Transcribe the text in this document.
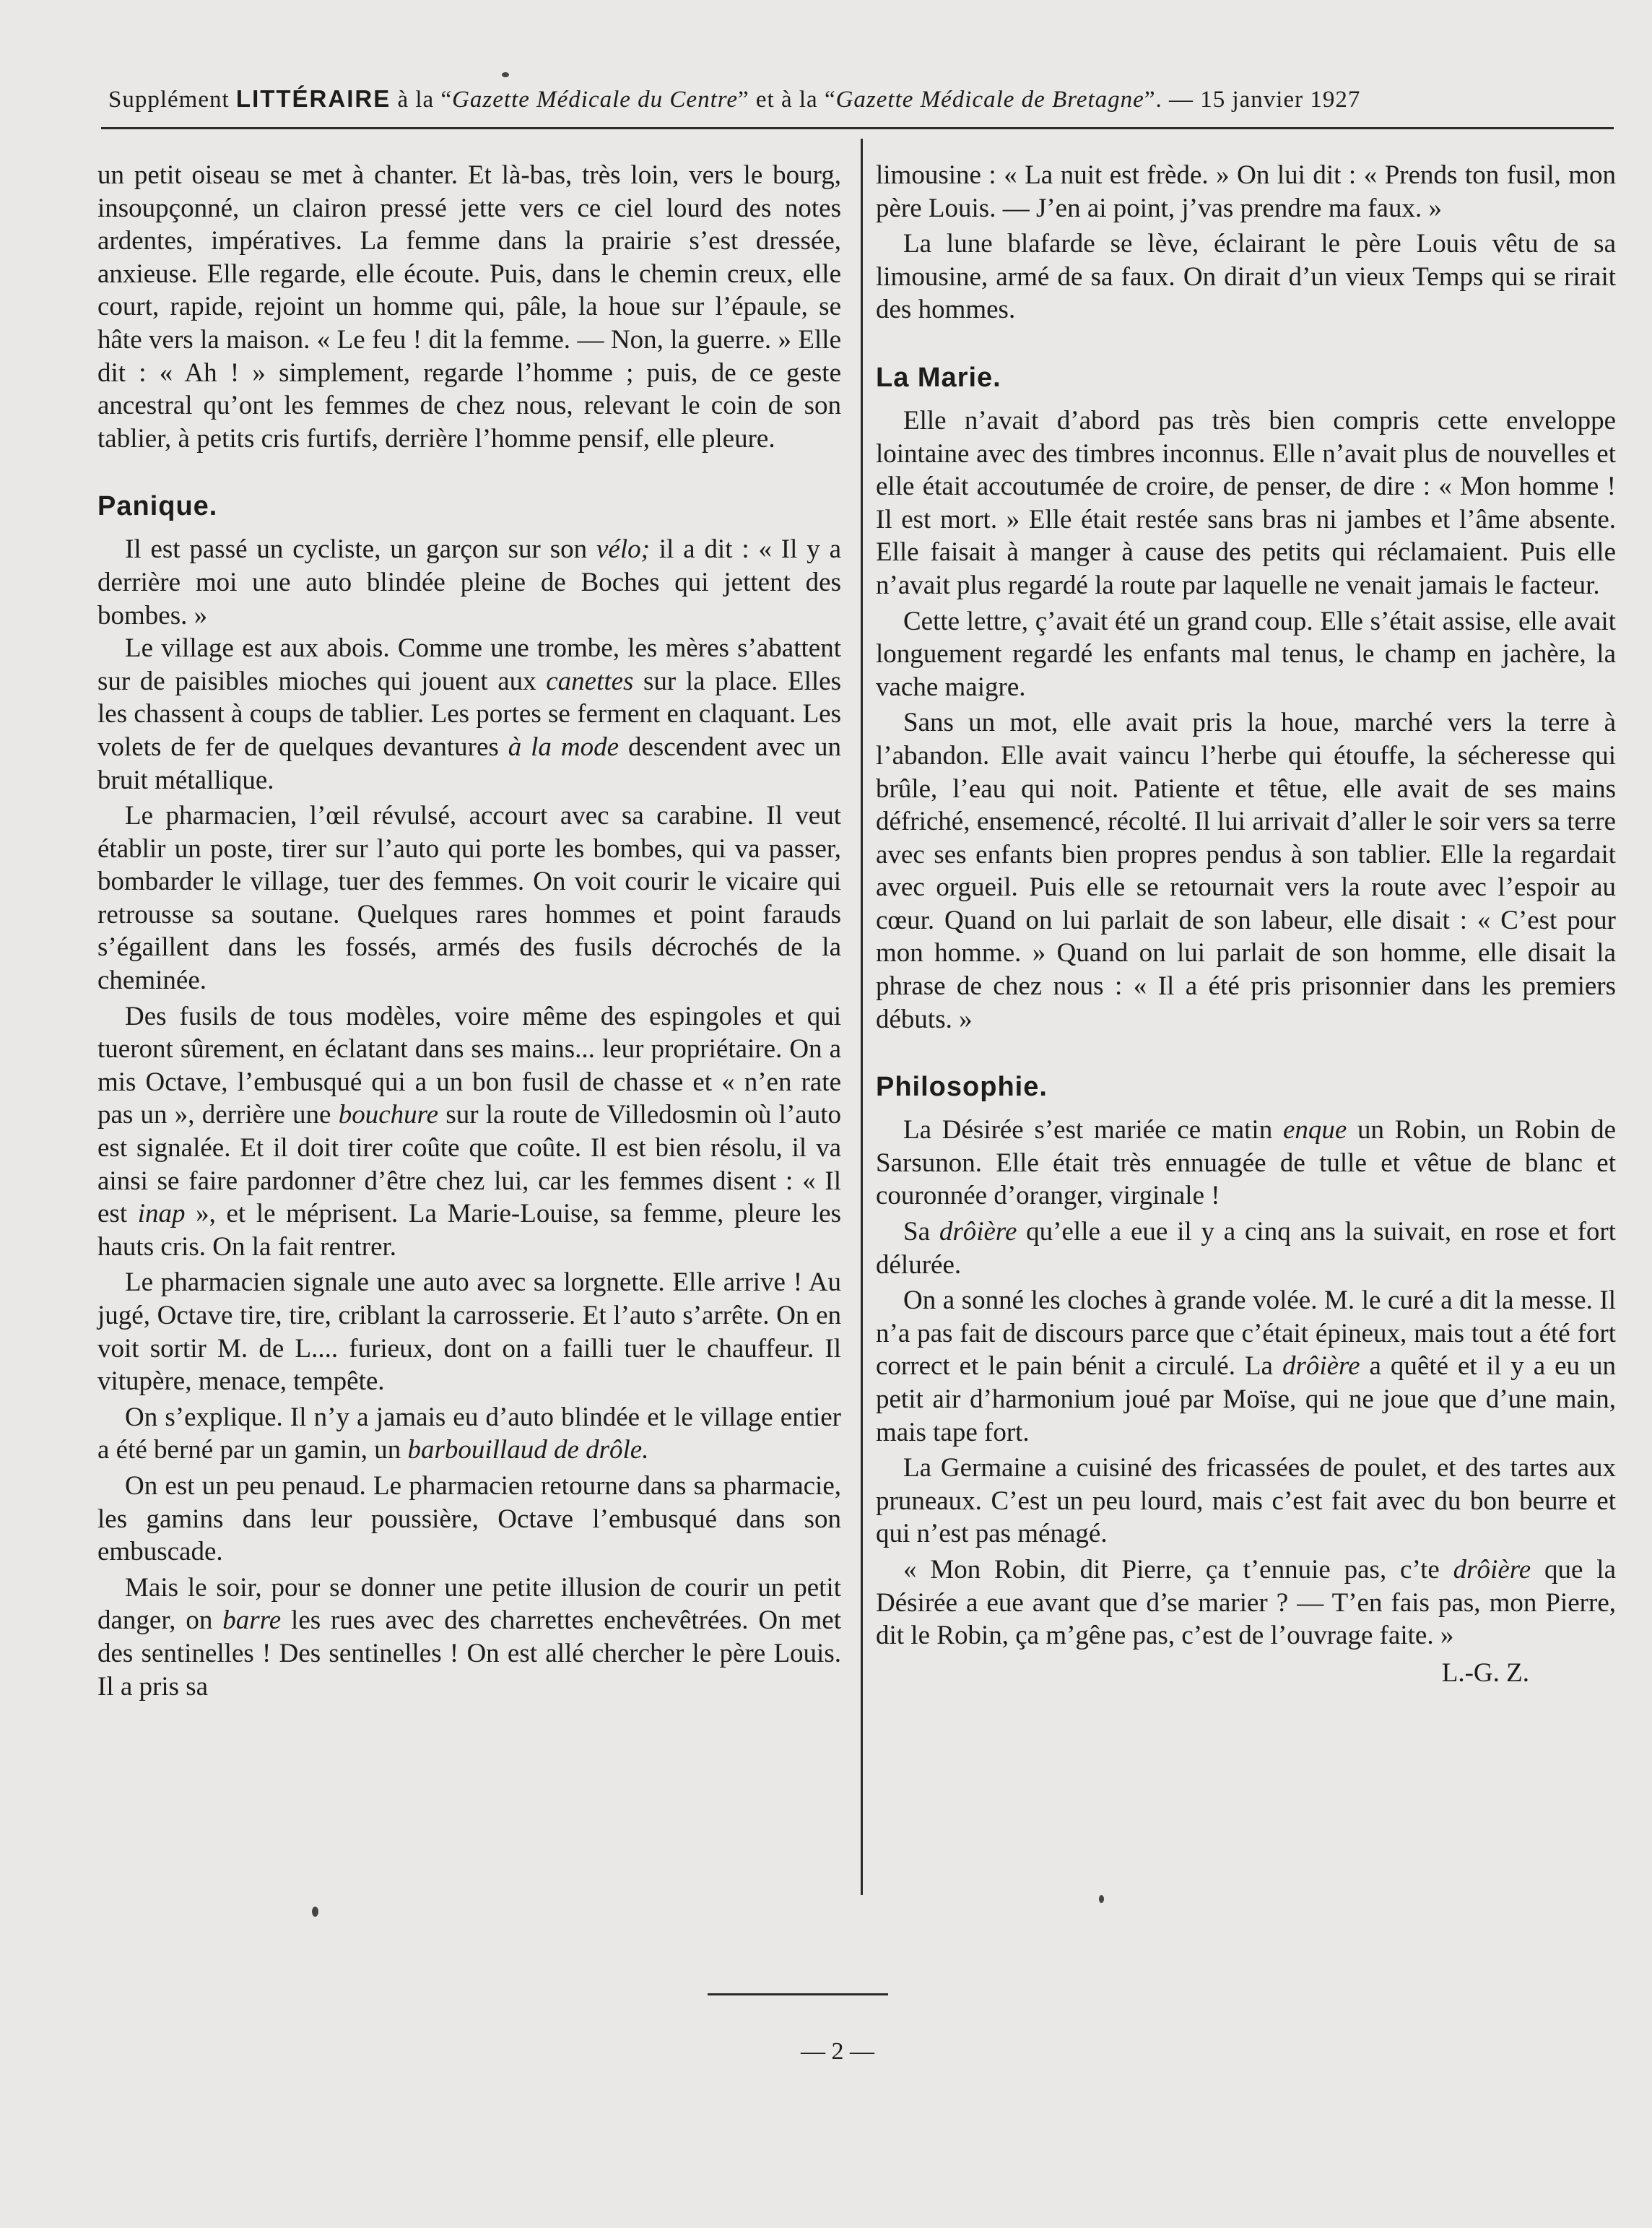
Supplément LITTÉRAIRE à la “Gazette Médicale du Centre” et à la “Gazette Médicale de Bretagne”. — 15 janvier 1927

un petit oiseau se met à chanter. Et là-bas, très loin, vers le bourg, insoupçonné, un clairon pressé jette vers ce ciel lourd des notes ardentes, impératives. La femme dans la prairie s’est dressée, anxieuse. Elle regarde, elle écoute. Puis, dans le chemin creux, elle court, rapide, rejoint un homme qui, pâle, la houe sur l’épaule, se hâte vers la maison. « Le feu ! dit la femme. — Non, la guerre. » Elle dit : « Ah ! » simplement, regarde l’homme ; puis, de ce geste ancestral qu’ont les femmes de chez nous, relevant le coin de son tablier, à petits cris furtifs, derrière l’homme pensif, elle pleure.

Panique.

Il est passé un cycliste, un garçon sur son vélo; il a dit : « Il y a derrière moi une auto blindée pleine de Boches qui jettent des bombes. »

Le village est aux abois. Comme une trombe, les mères s’abattent sur de paisibles mioches qui jouent aux canettes sur la place. Elles les chassent à coups de tablier. Les portes se ferment en claquant. Les volets de fer de quelques devantures à la mode descendent avec un bruit métallique.

Le pharmacien, l’œil révulsé, accourt avec sa carabine. Il veut établir un poste, tirer sur l’auto qui porte les bombes, qui va passer, bombarder le village, tuer des femmes. On voit courir le vicaire qui retrousse sa soutane. Quelques rares hommes et point farauds s’égaillent dans les fossés, armés des fusils décrochés de la cheminée.

Des fusils de tous modèles, voire même des espingoles et qui tueront sûrement, en éclatant dans ses mains... leur propriétaire. On a mis Octave, l’embusqué qui a un bon fusil de chasse et « n’en rate pas un », derrière une bouchure sur la route de Villedosmin où l’auto est signalée. Et il doit tirer coûte que coûte. Il est bien résolu, il va ainsi se faire pardonner d’être chez lui, car les femmes disent : « Il est inap », et le méprisent. La Marie-Louise, sa femme, pleure les hauts cris. On la fait rentrer.

Le pharmacien signale une auto avec sa lorgnette. Elle arrive ! Au jugé, Octave tire, tire, criblant la carrosserie. Et l’auto s’arrête. On en voit sortir M. de L.... furieux, dont on a failli tuer le chauffeur. Il vitupère, menace, tempête.

On s’explique. Il n’y a jamais eu d’auto blindée et le village entier a été berné par un gamin, un barbouillaud de drôle.

On est un peu penaud. Le pharmacien retourne dans sa pharmacie, les gamins dans leur poussière, Octave l’embusqué dans son embuscade.

Mais le soir, pour se donner une petite illusion de courir un petit danger, on barre les rues avec des charrettes enchevêtrées. On met des sentinelles ! Des sentinelles ! On est allé chercher le père Louis. Il a pris sa

limousine : « La nuit est frède. » On lui dit : « Prends ton fusil, mon père Louis. — J’en ai point, j’vas prendre ma faux. »

La lune blafarde se lève, éclairant le père Louis vêtu de sa limousine, armé de sa faux. On dirait d’un vieux Temps qui se rirait des hommes.

La Marie.

Elle n’avait d’abord pas très bien compris cette enveloppe lointaine avec des timbres inconnus. Elle n’avait plus de nouvelles et elle était accoutumée de croire, de penser, de dire : « Mon homme ! Il est mort. » Elle était restée sans bras ni jambes et l’âme absente. Elle faisait à manger à cause des petits qui réclamaient. Puis elle n’avait plus regardé la route par laquelle ne venait jamais le facteur.

Cette lettre, ç’avait été un grand coup. Elle s’était assise, elle avait longuement regardé les enfants mal tenus, le champ en jachère, la vache maigre.

Sans un mot, elle avait pris la houe, marché vers la terre à l’abandon. Elle avait vaincu l’herbe qui étouffe, la sécheresse qui brûle, l’eau qui noit. Patiente et têtue, elle avait de ses mains défriché, ensemencé, récolté. Il lui arrivait d’aller le soir vers sa terre avec ses enfants bien propres pendus à son tablier. Elle la regardait avec orgueil. Puis elle se retournait vers la route avec l’espoir au cœur. Quand on lui parlait de son labeur, elle disait : « C’est pour mon homme. » Quand on lui parlait de son homme, elle disait la phrase de chez nous : « Il a été pris prisonnier dans les premiers débuts. »

Philosophie.

La Désirée s’est mariée ce matin enque un Robin, un Robin de Sarsunon. Elle était très ennuagée de tulle et vêtue de blanc et couronnée d’oranger, virginale !

Sa drôière qu’elle a eue il y a cinq ans la suivait, en rose et fort délurée.

On a sonné les cloches à grande volée. M. le curé a dit la messe. Il n’a pas fait de discours parce que c’était épineux, mais tout a été fort correct et le pain bénit a circulé. La drôière a quêté et il y a eu un petit air d’harmonium joué par Moïse, qui ne joue que d’une main, mais tape fort.

La Germaine a cuisiné des fricassées de poulet, et des tartes aux pruneaux. C’est un peu lourd, mais c’est fait avec du bon beurre et qui n’est pas ménagé.

« Mon Robin, dit Pierre, ça t’ennuie pas, c’te drôière que la Désirée a eue avant que d’se marier ? — T’en fais pas, mon Pierre, dit le Robin, ça m’gêne pas, c’est de l’ouvrage faite. »

L.-G. Z.
— 2 —
